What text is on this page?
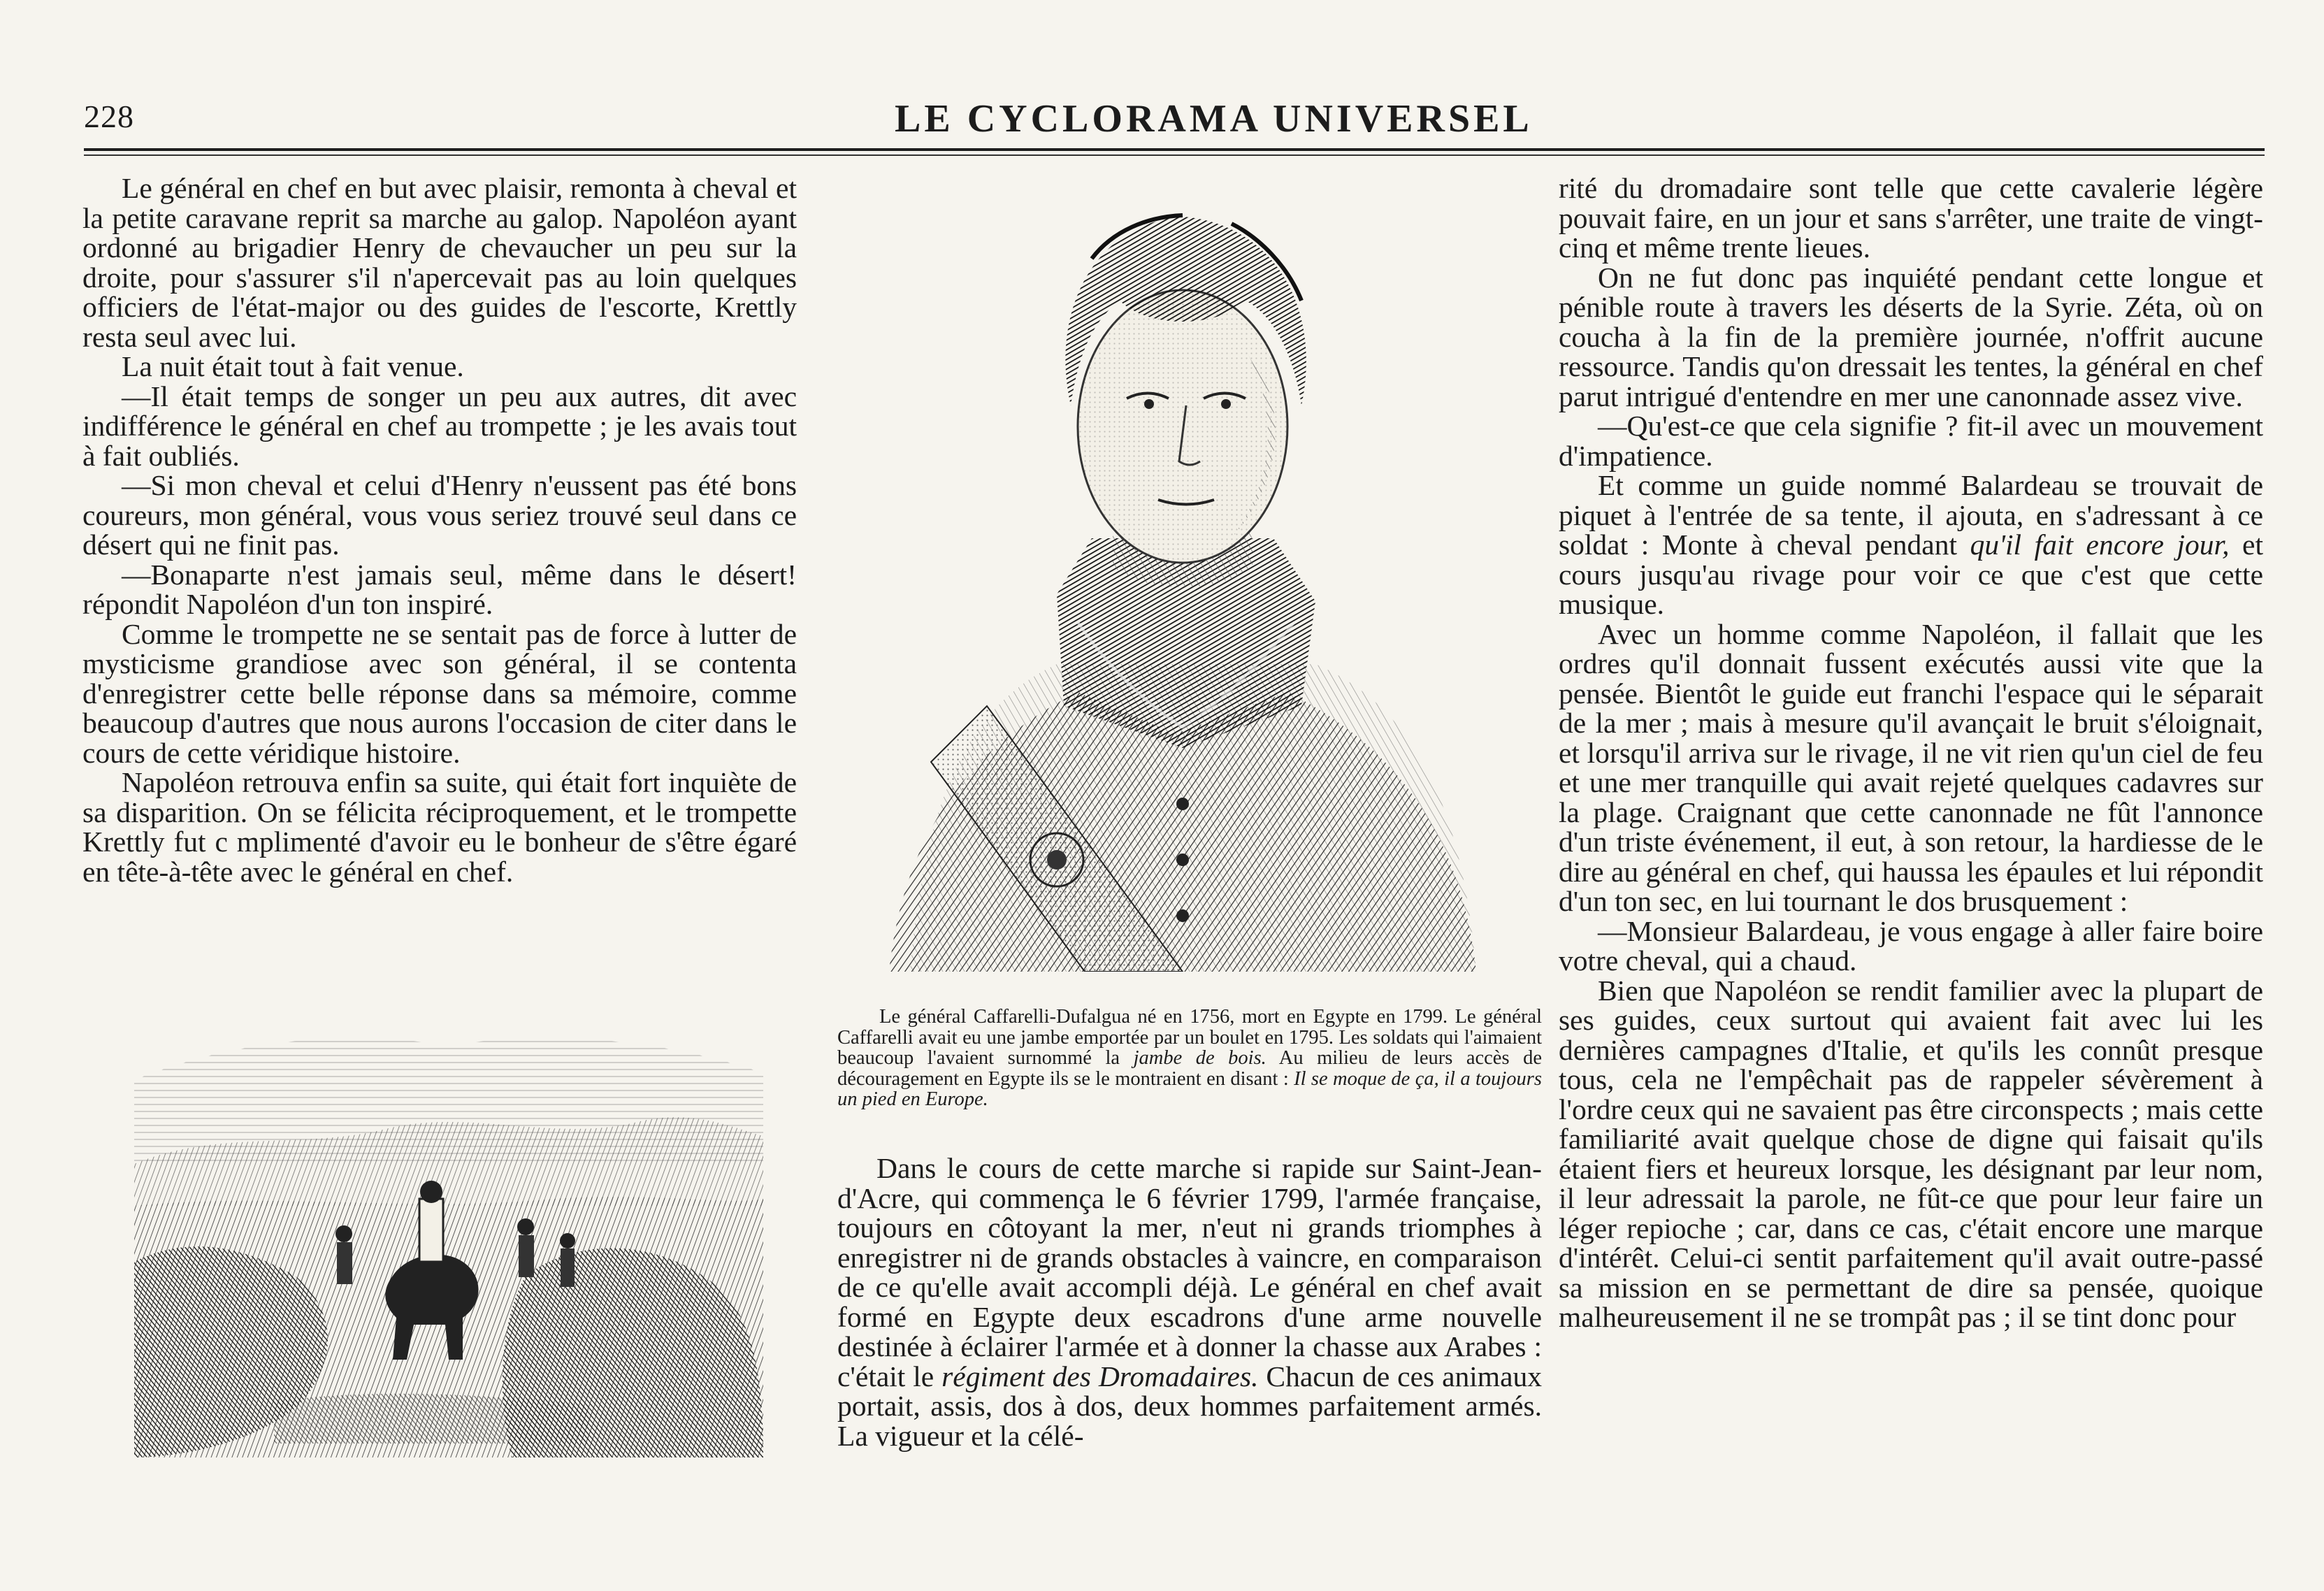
228	LE CYCLORAMA UNIVERSEL

Le général en chef en but avec plaisir, remonta à cheval et la petite caravane reprit sa marche au galop. Napoléon ayant ordonné au brigadier Henry de chevaucher un peu sur la droite, pour s'assurer s'il n'apercevait pas au loin quelques officiers de l'état-major ou des guides de l'escorte, Krettly resta seul avec lui.

La nuit était tout à fait venue.

—Il était temps de songer un peu aux autres, dit avec indifférence le général en chef au trompette ; je les avais tout à fait oubliés.

—Si mon cheval et celui d'Henry n'eussent pas été bons coureurs, mon général, vous vous seriez trouvé seul dans ce désert qui ne finit pas.

—Bonaparte n'est jamais seul, même dans le désert! répondit Napoléon d'un ton inspiré.

Comme le trompette ne se sentait pas de force à lutter de mysticisme grandiose avec son général, il se contenta d'enregistrer cette belle réponse dans sa mémoire, comme beaucoup d'autres que nous aurons l'occasion de citer dans le cours de cette véridique histoire.

Napoléon retrouva enfin sa suite, qui était fort inquiète de sa disparition. On se félicita réciproquement, et le trompette Krettly fut c mplimenté d'avoir eu le bonheur de s'être égaré en tête-à-tête avec le général en chef.

Le général Caffarelli-Dufalgua né en 1756, mort en Egypte en 1799. Le général Caffarelli avait eu une jambe emportée par un boulet en 1795. Les soldats qui l'aimaient beaucoup l'avaient surnommé la jambe de bois. Au milieu de leurs accès de découragement en Egypte ils se le montraient en disant : Il se moque de ça, il a toujours un pied en Europe.

Dans le cours de cette marche si rapide sur Saint-Jean-d'Acre, qui commença le 6 février 1799, l'armée française, toujours en côtoyant la mer, n'eut ni grands triomphes à enregistrer ni de grands obstacles à vaincre, en comparaison de ce qu'elle avait accompli déjà. Le général en chef avait formé en Egypte deux escadrons d'une arme nouvelle destinée à éclairer l'armée et à donner la chasse aux Arabes : c'était le régiment des Dromadaires. Chacun de ces animaux portait, assis, dos à dos, deux hommes parfaitement armés. La vigueur et la célé-

rité du dromadaire sont telle que cette cavalerie légère pouvait faire, en un jour et sans s'arrêter, une traite de vingt-cinq et même trente lieues.

On ne fut donc pas inquiété pendant cette longue et pénible route à travers les déserts de la Syrie. Zéta, où on coucha à la fin de la première journée, n'offrit aucune ressource. Tandis qu'on dressait les tentes, la général en chef parut intrigué d'entendre en mer une canonnade assez vive.

—Qu'est-ce que cela signifie ? fit-il avec un mouvement d'impatience.

Et comme un guide nommé Balardeau se trouvait de piquet à l'entrée de sa tente, il ajouta, en s'adressant à ce soldat : Monte à cheval pendant qu'il fait encore jour, et cours jusqu'au rivage pour voir ce que c'est que cette musique.

Avec un homme comme Napoléon, il fallait que les ordres qu'il donnait fussent exécutés aussi vite que la pensée. Bientôt le guide eut franchi l'espace qui le séparait de la mer ; mais à mesure qu'il avançait le bruit s'éloignait, et lorsqu'il arriva sur le rivage, il ne vit rien qu'un ciel de feu et une mer tranquille qui avait rejeté quelques cadavres sur la plage. Craignant que cette canonnade ne fût l'annonce d'un triste événement, il eut, à son retour, la hardiesse de le dire au général en chef, qui haussa les épaules et lui répondit d'un ton sec, en lui tournant le dos brusquement :

—Monsieur Balardeau, je vous engage à aller faire boire votre cheval, qui a chaud.

Bien que Napoléon se rendit familier avec la plupart de ses guides, ceux surtout qui avaient fait avec lui les dernières campagnes d'Italie, et qu'ils les connût presque tous, cela ne l'empêchait pas de rappeler sévèrement à l'ordre ceux qui ne savaient pas être circonspects ; mais cette familiarité avait quelque chose de digne qui faisait qu'ils étaient fiers et heureux lorsque, les désignant par leur nom, il leur adressait la parole, ne fût-ce que pour leur faire un léger repioche ; car, dans ce cas, c'était encore une marque d'intérêt. Celui-ci sentit parfaitement qu'il avait outre-passé sa mission en se permettant de dire sa pensée, quoique malheureusement il ne se trompât pas ; il se tint donc pour
